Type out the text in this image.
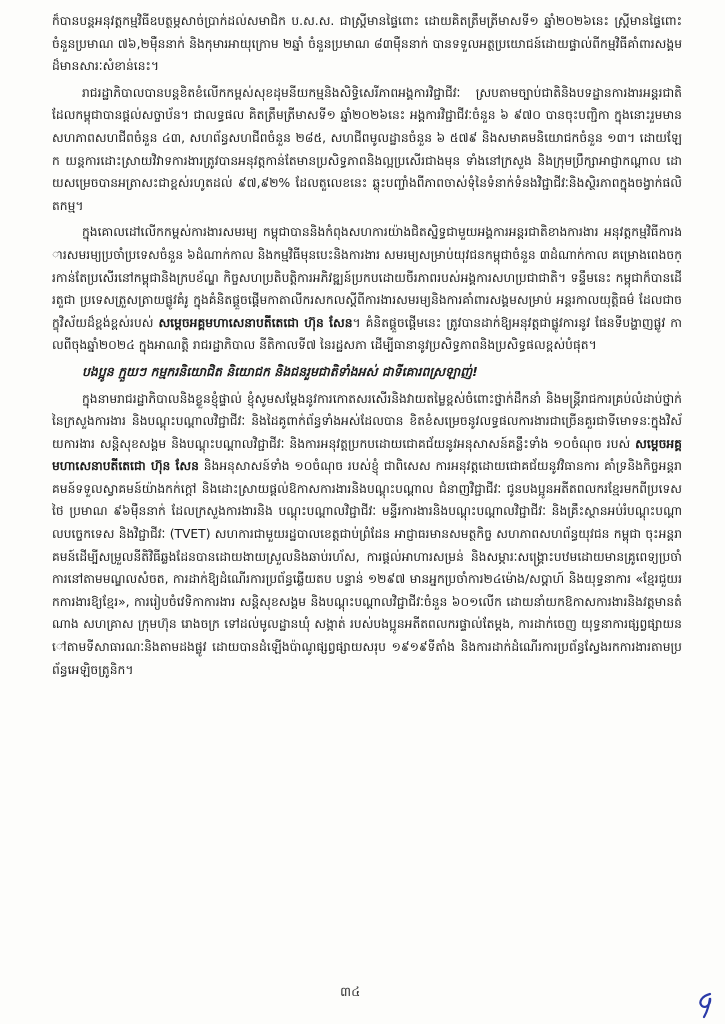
ក៏បានបន្តអនុវត្តកម្មវិធីឧបត្ថម្ភសាច់ប្រាក់ដល់សមាជិក ប.ស.ស. ជាស្ត្រីមានផ្ទៃពោះ ដោយគិតត្រឹមត្រីមាសទី១ ឆ្នាំ២០២៦នេះ ស្ត្រីមានផ្ទៃពោះចំនួនប្រមាណ ៧៦,២ម៉ឺននាក់ និងកុមារអាយុក្រោម ២ឆ្នាំ ចំនួនប្រមាណ ៨៣ម៉ឺននាក់ បានទទួលអត្ថប្រយោជន៍ដោយផ្ទាល់ពីកម្មវិធីគាំពារសង្គមដ៏មានសារៈសំខាន់នេះ។

រាជរដ្ឋាភិបាលបានបន្តខិតខំលើកកម្ពស់សុខដុមនីយកម្មនិងសិទ្ធិសេរីភាពអង្គការវិជ្ជាជីវៈ ស្របតាមច្បាប់ជាតិនិងបទដ្ឋានការងារអន្តរជាតិ ដែលកម្ពុជាបានផ្តល់សច្ចាប័ន។ ជាលទ្ធផល គិតត្រឹមត្រីមាសទី១ ឆ្នាំ២០២៦នេះ អង្គការវិជ្ជាជីវៈចំនួន ៦ ៩៧០ បានចុះបញ្ជិកា ក្នុងនោះរួមមាន សហភាពសហជីពចំនួន ៤៣, សហព័ន្ធសហជីពចំនួន ២៨៥, សហជីពមូលដ្ឋានចំនួន ៦ ៥៧៩ និងសមាគមនិយោជកចំនួន ១៣។ ដោយឡែក យន្តការដោះស្រាយវិវាទការងារត្រូវបានអនុវត្តកាន់តែមានប្រសិទ្ធភាពនិងល្អប្រសើរជាងមុន ទាំងនៅក្រសួង និងក្រុមប្រឹក្សាអាជ្ញាកណ្តាល ដោយសម្រេចបានអត្រាសះជាខ្ពស់រហូតដល់ ៩៧,៩២% ដែលតួលេខនេះ ឆ្លុះបញ្ចាំងពីភាពចាស់ទុំនៃទំនាក់ទំនងវិជ្ជាជីវៈនិងស្ថិរភាពក្នុងចង្វាក់ផលិតកម្ម។

ក្នុងគោលដៅលើកកម្ពស់ការងារសមរម្យ កម្ពុជាបាននិងកំពុងសហការយ៉ាងជិតស្និទ្ធជាមួយអង្គការអន្តរជាតិខាងការងារ អនុវត្តកម្មវិធីការងារសមរម្យប្រចាំប្រទេសចំនួន ៦ដំណាក់កាល និងកម្មវិធីមុនបេះនិងការងារ សមរម្យសម្រាប់យុវជនកម្ពុជាចំនួន ៣ដំណាក់កាល គម្រោងពេងចក្រកាន់តែប្រសើរនៅកម្ពុជានិងក្របខ័ណ្ឌ កិច្ចសហប្រតិបត្តិការអភិវឌ្ឍន៍ប្រកបដោយចីរភាពរបស់អង្គការសហប្រជាជាតិ។ ទន្ទឹមនេះ កម្ពុជាក៏បានដើរតួជា ប្រទេសត្រួសត្រាយផ្លូវគំរូ ក្នុងគំនិតផ្តួចផ្តើមកាតាលីករសកលស្តីពីការងារសមរម្យនិងការគាំពារសង្គមសម្រាប់ អន្តរកាលយុត្តិធម៌ ដែលជាចក្ខុវិស័យដ៏ខ្ពង់ខ្ពស់របស់ សម្តេចអគ្គមហាសេនាបតីតេជោ ហ៊ុន សែន។ គំនិតផ្តួចផ្តើមនេះ ត្រូវបានដាក់ឱ្យអនុវត្តជាផ្លូវការនូវ ផែនទីបង្ហាញផ្លូវ កាលពីចុងឆ្នាំ២០២៤ ក្នុងអាណត្តិ រាជរដ្ឋាភិបាល នីតិកាលទី៧ នៃរដ្ឋសភា ដើម្បីធានានូវប្រសិទ្ធភាពនិងប្រសិទ្ធផលខ្ពស់បំផុត។

បងប្អូន ក្មួយៗ កម្មករនិយោជិត និយោជក និងជនរួមជាតិទាំងអស់ ជាទីគោរពស្រឡាញ់!

ក្នុងនាមរាជរដ្ឋាភិបាលនិងខ្លួនខ្ញុំផ្ទាល់ ខ្ញុំសូមសម្តែងនូវការកោតសរសើរនិងវាយតម្លៃខ្ពស់ចំពោះថ្នាក់ដឹកនាំ និងមន្ត្រីរាជការគ្រប់លំដាប់ថ្នាក់នៃក្រសួងការងារ និងបណ្តុះបណ្តាលវិជ្ជាជីវៈ និងដៃគូពាក់ព័ន្ធទាំងអស់ដែលបាន ខិតខំសម្រេចនូវលទ្ធផលការងារជាច្រើនគួរជាទីមោទនៈក្នុងវិស័យការងារ សន្តិសុខសង្គម និងបណ្តុះបណ្តាលវិជ្ជាជីវៈ និងការអនុវត្តប្រកបដោយជោគជ័យនូវអនុសាសន៍គន្លឹះទាំង ១០ចំណុច របស់ សម្តេចអគ្គមហាសេនាបតីតេជោ ហ៊ុន សែន និងអនុសាសន៍ទាំង ១០ចំណុច របស់ខ្ញុំ ជាពិសេស ការអនុវត្តដោយជោគជ័យនូវវិធានការ គាំទ្រនិងកិច្ចអន្តរាគមន៍ទទួលស្វាគមន៍យ៉ាងកក់ក្តៅ និងដោះស្រាយផ្តល់ឱកាសការងារនិងបណ្តុះបណ្តាល ជំនាញវិជ្ជាជីវៈ ជូនបងប្អូនអតីតពលករខ្មែរមកពីប្រទេសថៃ ប្រមាណ ៩៦ម៉ឺននាក់ ដែលក្រសួងការងារនិង បណ្តុះបណ្តាលវិជ្ជាជីវៈ មន្ទីរការងារនិងបណ្តុះបណ្តាលវិជ្ជាជីវៈ និងគ្រឹះស្ថានអប់រំបណ្តុះបណ្តាលបច្ចេកទេស និងវិជ្ជាជីវៈ (TVET) សហការជាមួយរដ្ឋបាលខេត្តជាប់ព្រំដែន អាជ្ញាធរមានសមត្ថកិច្ច សហភាពសហព័ន្ធយុវជន កម្ពុជា ចុះអន្តរាគមន៍ដើម្បីសម្រួលនីតិវិធីឆ្លងដែនបានដោយងាយស្រួលនិងឆាប់រហ័ស, ការផ្តល់អាហារសម្រន់ និងសម្ភារៈសង្គ្រោះបឋមដោយមានគ្រូពេទ្យប្រចាំការនៅតាមមណ្ឌលសំចត, ការដាក់ឱ្យដំណើរការប្រព័ន្ធឆ្លើយតប បន្ទាន់ ១២៩៧ មានអ្នកប្រចាំការ២៤ម៉ោង/សប្តាហ៍ និងយុទ្ធនាការ «ខ្មែរជួយរកការងារឱ្យខ្មែរ», ការរៀបចំវេទិកាការងារ សន្តិសុខសង្គម និងបណ្តុះបណ្តាលវិជ្ជាជីវៈចំនួន ៦០១លើក ដោយនាំយកឱកាសការងារនិងវត្តមានតំណាង សហគ្រាស ក្រុមហ៊ុន រោងចក្រ ទៅដល់មូលដ្ឋានឃុំ សង្កាត់ របស់បងប្អូនអតីតពលករផ្ទាល់តែម្តង, ការដាក់ចេញ យុទ្ធនាការផ្សព្វផ្សាយនៅតាមទីសាធារណៈនិងតាមដងផ្លូវ ដោយបានដំឡើងប៉ាណូផ្សព្វផ្សាយសរុប ១៩១៩ទីតាំង និងការដាក់ដំណើរការប្រព័ន្ធស្វែងរកការងារតាមប្រព័ន្ធអេឡិចត្រូនិក។

៣៤
